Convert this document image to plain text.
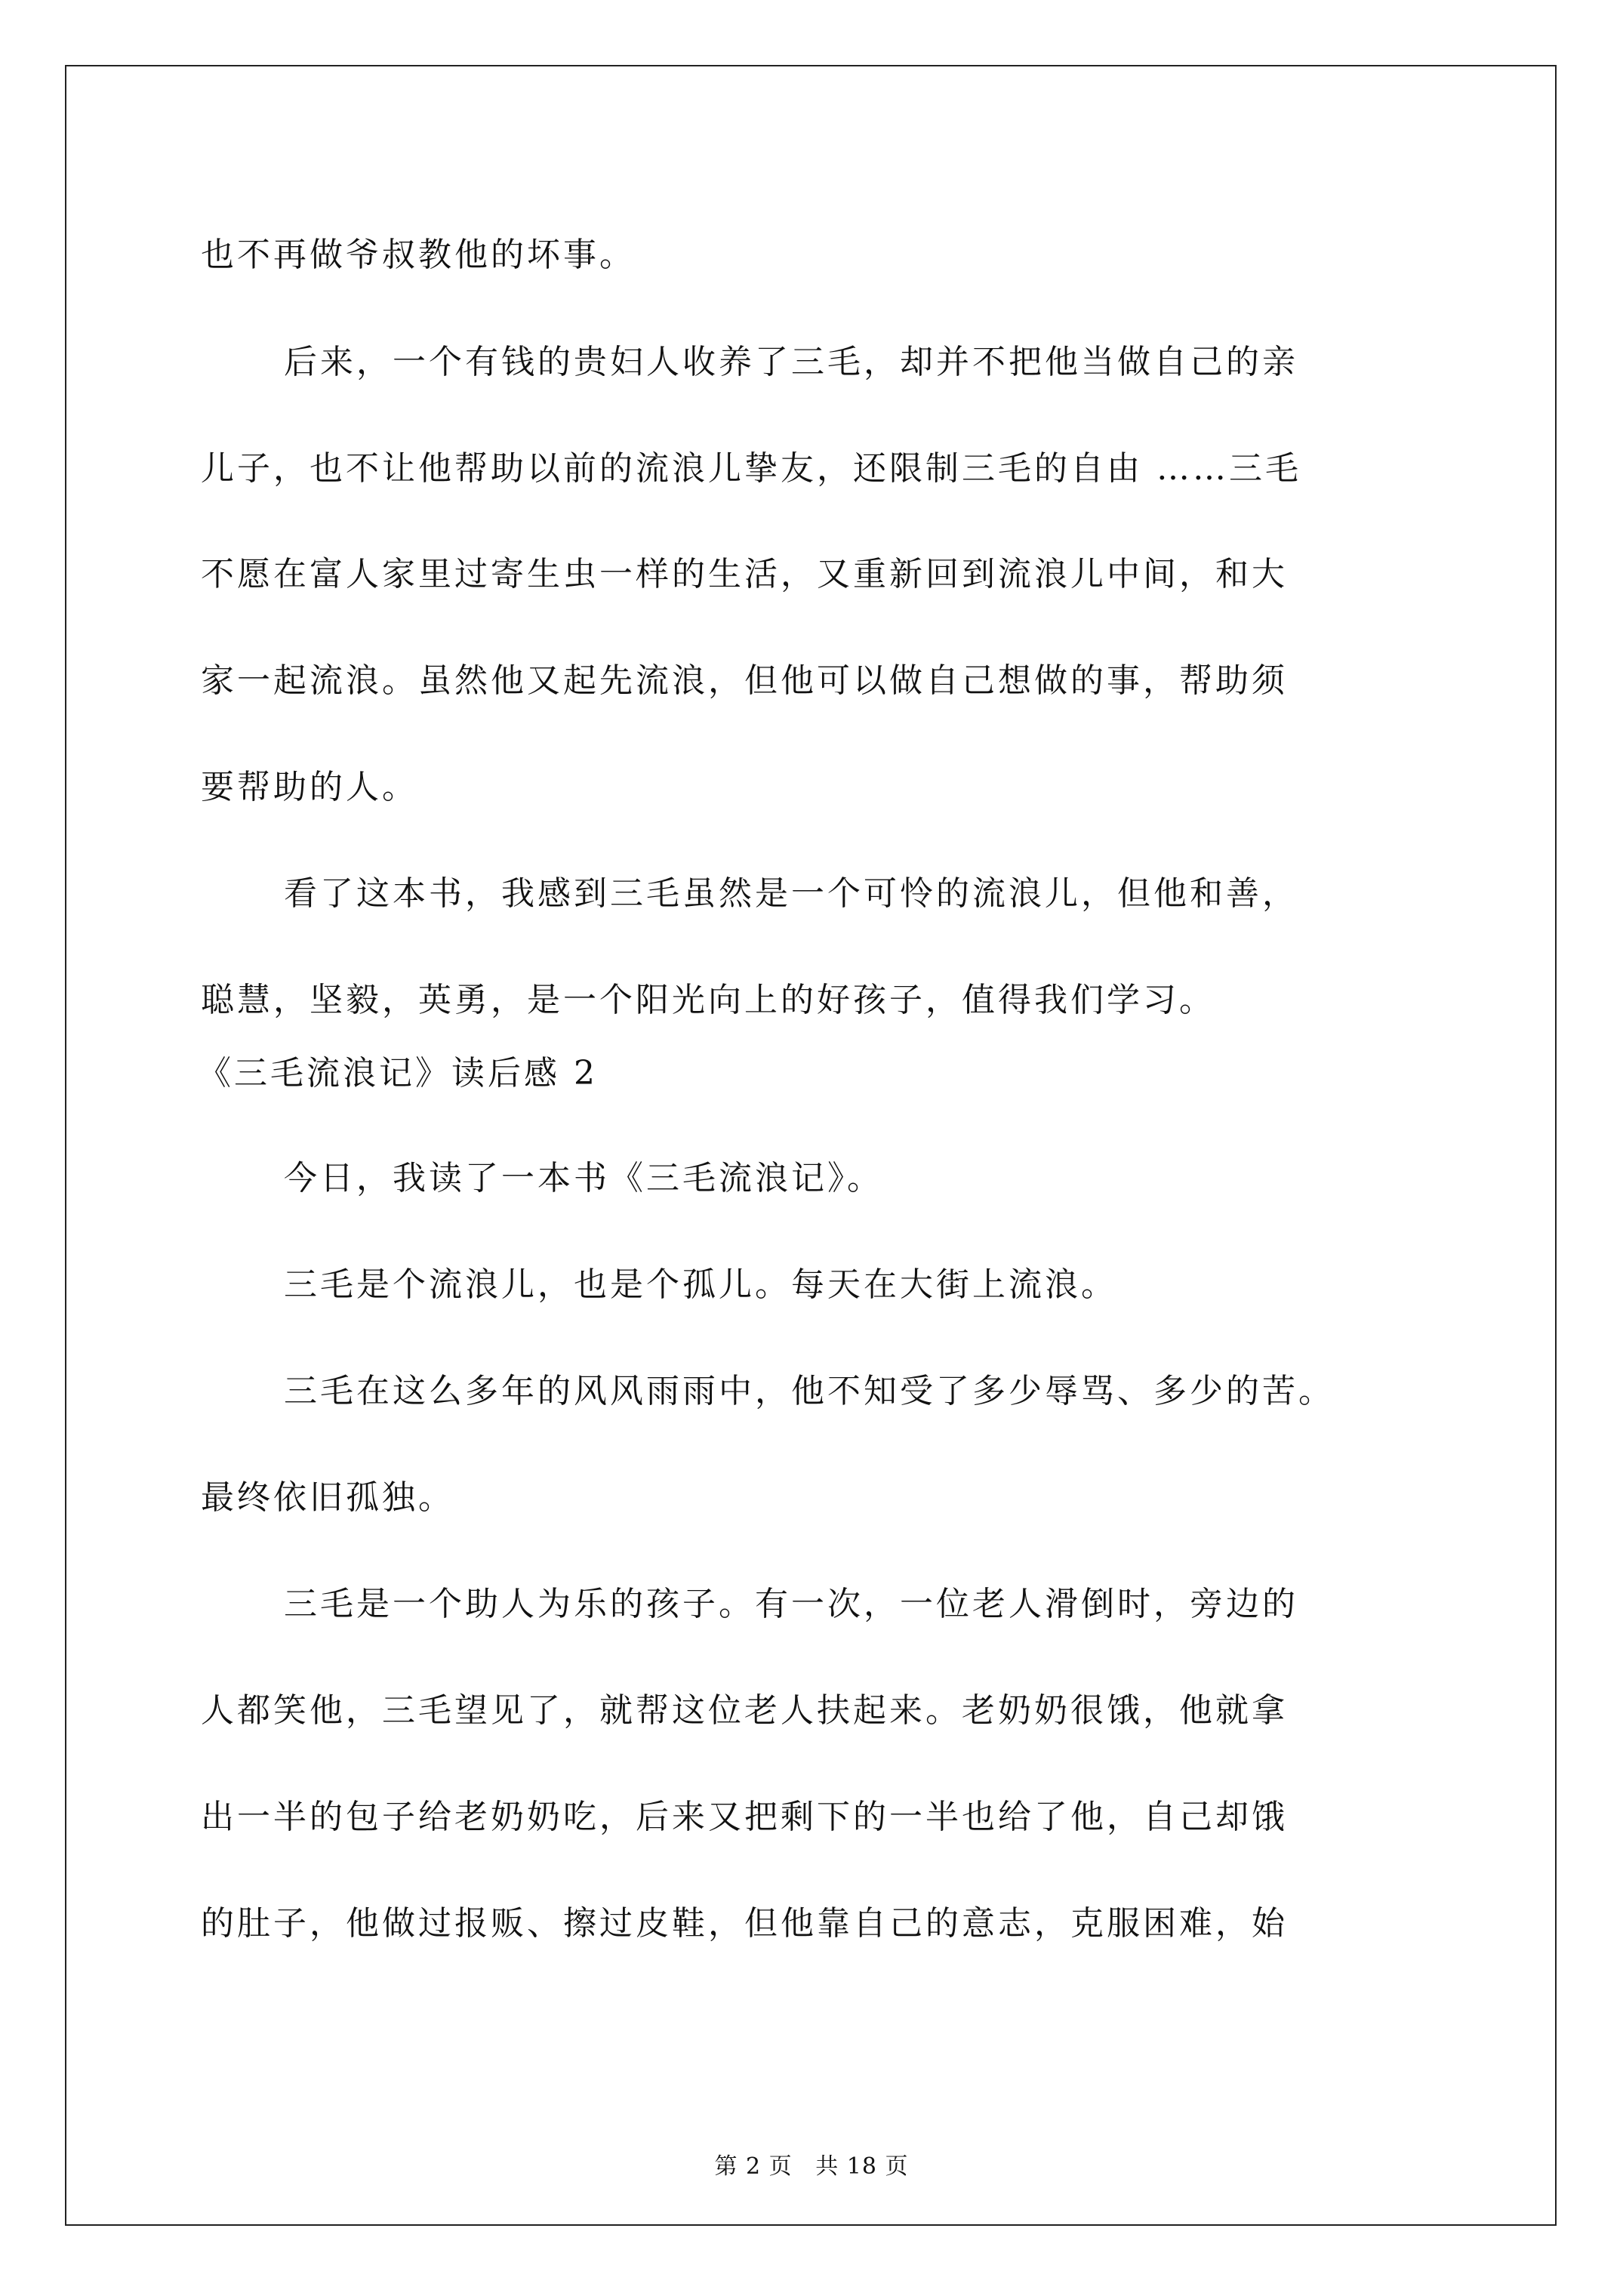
也不再做爷叔教他的坏事。
后来，一个有钱的贵妇人收养了三毛，却并不把他当做自己的亲
儿子，也不让他帮助以前的流浪儿挚友，还限制三毛的自由 ……三毛
不愿在富人家里过寄生虫一样的生活，又重新回到流浪儿中间，和大
家一起流浪。虽然他又起先流浪，但他可以做自己想做的事，帮助须
要帮助的人。
看了这本书，我感到三毛虽然是一个可怜的流浪儿，但他和善，
聪慧，坚毅，英勇，是一个阳光向上的好孩子，值得我们学习。
《三毛流浪记》读后感 2
今日，我读了一本书《三毛流浪记》。
三毛是个流浪儿，也是个孤儿。每天在大街上流浪。
三毛在这么多年的风风雨雨中，他不知受了多少辱骂、多少的苦。
最终依旧孤独。
三毛是一个助人为乐的孩子。有一次，一位老人滑倒时，旁边的
人都笑他，三毛望见了，就帮这位老人扶起来。老奶奶很饿，他就拿
出一半的包子给老奶奶吃，后来又把剩下的一半也给了他，自己却饿
的肚子，他做过报贩、擦过皮鞋，但他靠自己的意志，克服困难，始
第 2 页 共 18 页
